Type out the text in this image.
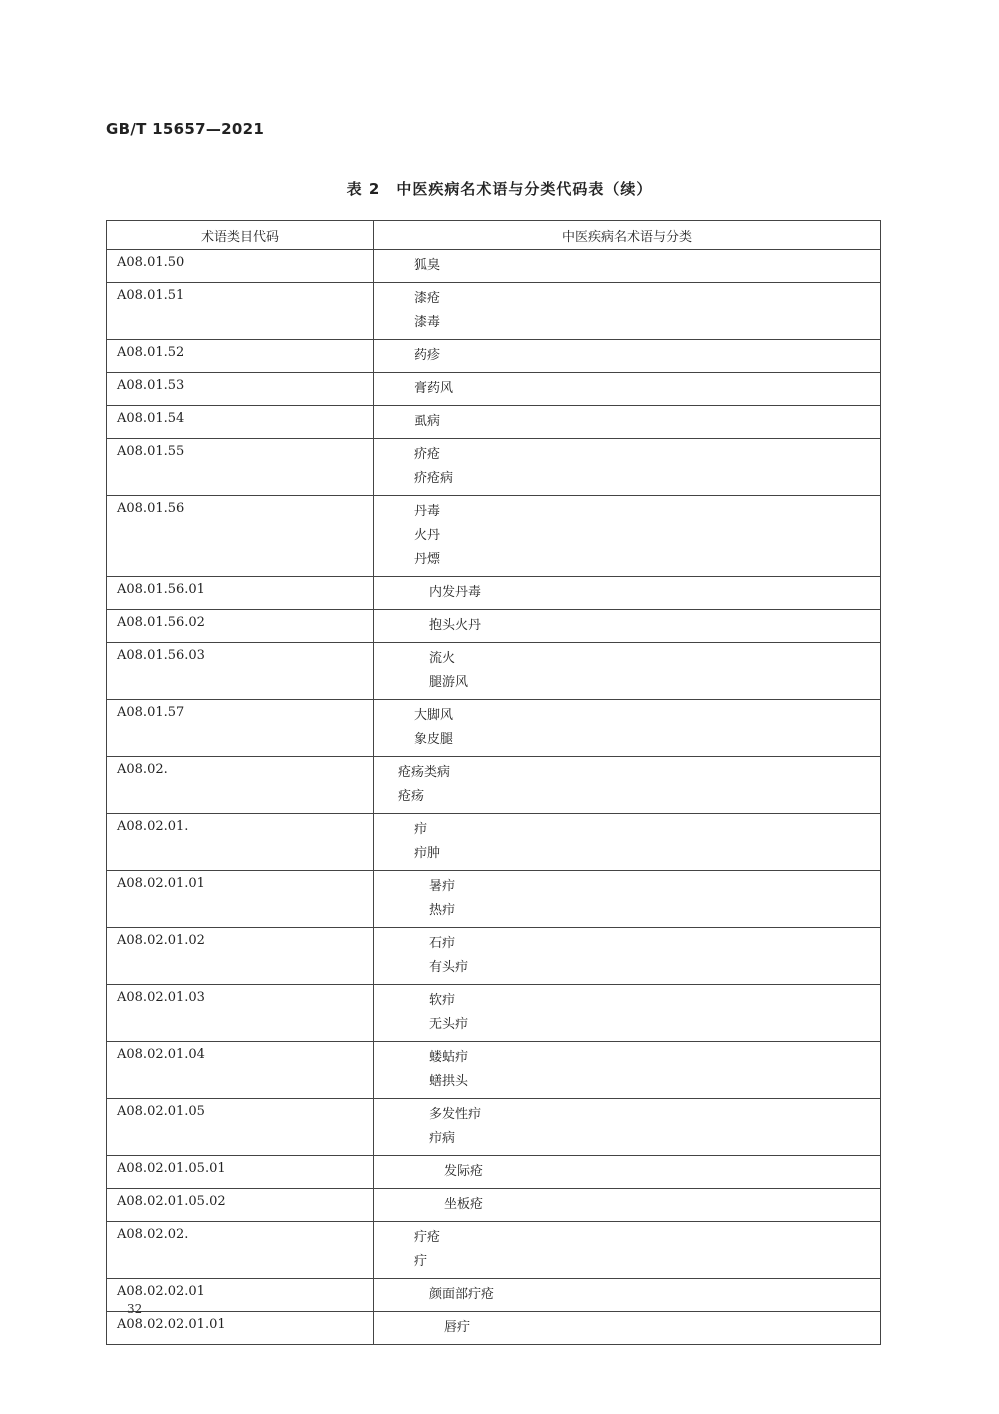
GB/T 15657—2021
表 2　中医疾病名术语与分类代码表（续）
术语类目代码	中医疾病名术语与分类
A08.01.50	狐臭

A08.01.51	漆疮
漆毒

A08.01.52	药疹

A08.01.53	膏药风

A08.01.54	虱病

A08.01.55	疥疮
疥疮病

A08.01.56	丹毒
火丹
丹熛

A08.01.56.01	内发丹毒

A08.01.56.02	抱头火丹

A08.01.56.03	流火
腿游风

A08.01.57	大脚风
象皮腿

A08.02.	疮疡类病
疮疡

A08.02.01.	疖
疖肿

A08.02.01.01	暑疖
热疖

A08.02.01.02	石疖
有头疖

A08.02.01.03	软疖
无头疖

A08.02.01.04	蝼蛄疖
蟮拱头

A08.02.01.05	多发性疖
疖病

A08.02.01.05.01	发际疮

A08.02.01.05.02	坐板疮

A08.02.02.	疔疮
疔

A08.02.02.01	颜面部疔疮

A08.02.02.01.01	唇疔
32
